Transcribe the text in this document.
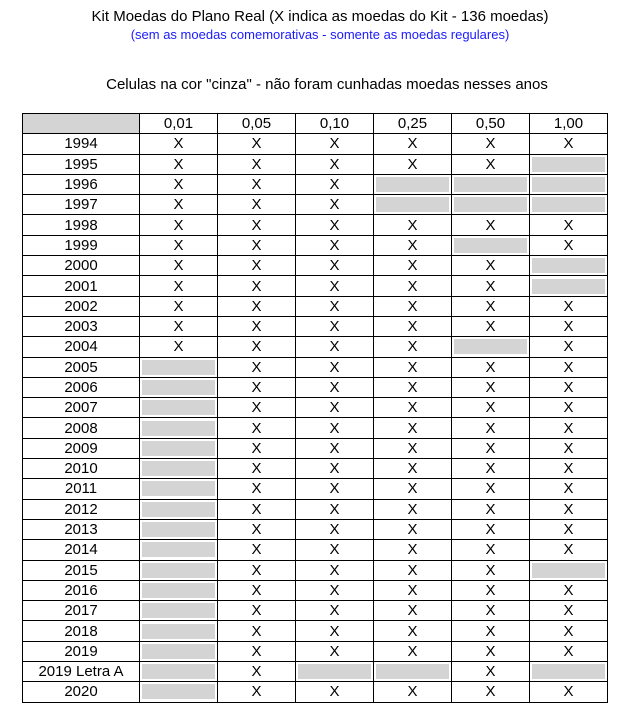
Kit Moedas do Plano Real (X indica as moedas do Kit - 136 moedas)
(sem as moedas comemorativas - somente as moedas regulares)
Celulas na cor "cinza" - não foram cunhadas moedas nesses anos
	0,01	0,05	0,10	0,25	0,50	1,00
1994	X	X	X	X	X	X
1995	X	X	X	X	X	

1996	X	X	X	

1997	X	X	X	

1998	X	X	X	X	X	X
1999	X	X	X	X		X
2000	X	X	X	X	X	

2001	X	X	X	X	X	

2002	X	X	X	X	X	X
2003	X	X	X	X	X	X
2004	X	X	X	X		X
2005		X	X	X	X	X
2006		X	X	X	X	X
2007		X	X	X	X	X
2008		X	X	X	X	X
2009		X	X	X	X	X
2010		X	X	X	X	X
2011		X	X	X	X	X
2012		X	X	X	X	X
2013		X	X	X	X	X
2014		X	X	X	X	X
2015		X	X	X	X	

2016		X	X	X	X	X
2017		X	X	X	X	X
2018		X	X	X	X	X
2019		X	X	X	X	X
2019 Letra A		X			X	

2020		X	X	X	X	X
